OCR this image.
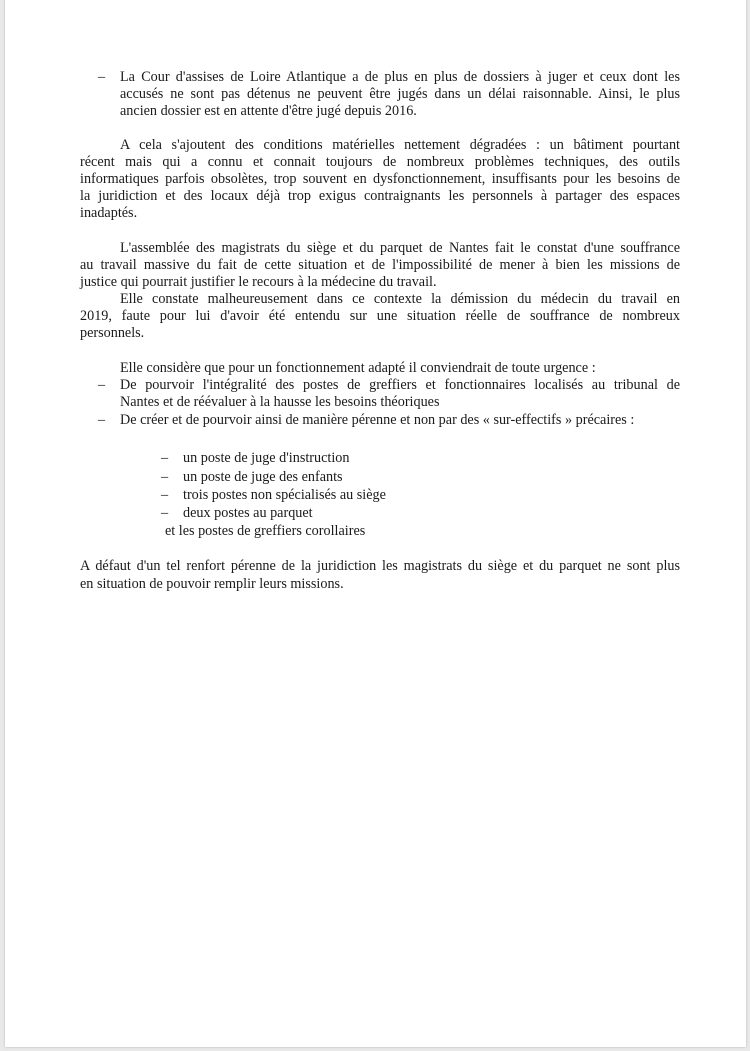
– La Cour d'assises de Loire Atlantique a de plus en plus de dossiers à juger et ceux dont les
accusés ne sont pas détenus ne peuvent être jugés dans un délai raisonnable. Ainsi, le plus
ancien dossier est en attente d'être jugé depuis 2016.
A cela s'ajoutent des conditions matérielles nettement dégradées : un bâtiment pourtant
récent mais qui a connu et connait toujours de nombreux problèmes techniques, des outils
informatiques parfois obsolètes, trop souvent en dysfonctionnement, insuffisants pour les besoins de
la juridiction et des locaux déjà trop exigus contraignants les personnels à partager des espaces
inadaptés.
L'assemblée des magistrats du siège et du parquet de Nantes fait le constat d'une souffrance
au travail massive du fait de cette situation et de l'impossibilité de mener à bien les missions de
justice qui pourrait justifier le recours à la médecine du travail.
Elle constate malheureusement dans ce contexte la démission du médecin du travail en
2019, faute pour lui d'avoir été entendu sur une situation réelle de souffrance de nombreux
personnels.
Elle considère que pour un fonctionnement adapté il conviendrait de toute urgence :
– De pourvoir l'intégralité des postes de greffiers et fonctionnaires localisés au tribunal de
Nantes et de réévaluer à la hausse les besoins théoriques
– De créer et de pourvoir ainsi de manière pérenne et non par des « sur-effectifs » précaires :
– un poste de juge d'instruction
– un poste de juge des enfants
– trois postes non spécialisés au siège
– deux postes au parquet
et les postes de greffiers corollaires
A défaut d'un tel renfort pérenne de la juridiction les magistrats du siège et du parquet ne sont plus
en situation de pouvoir remplir leurs missions.
